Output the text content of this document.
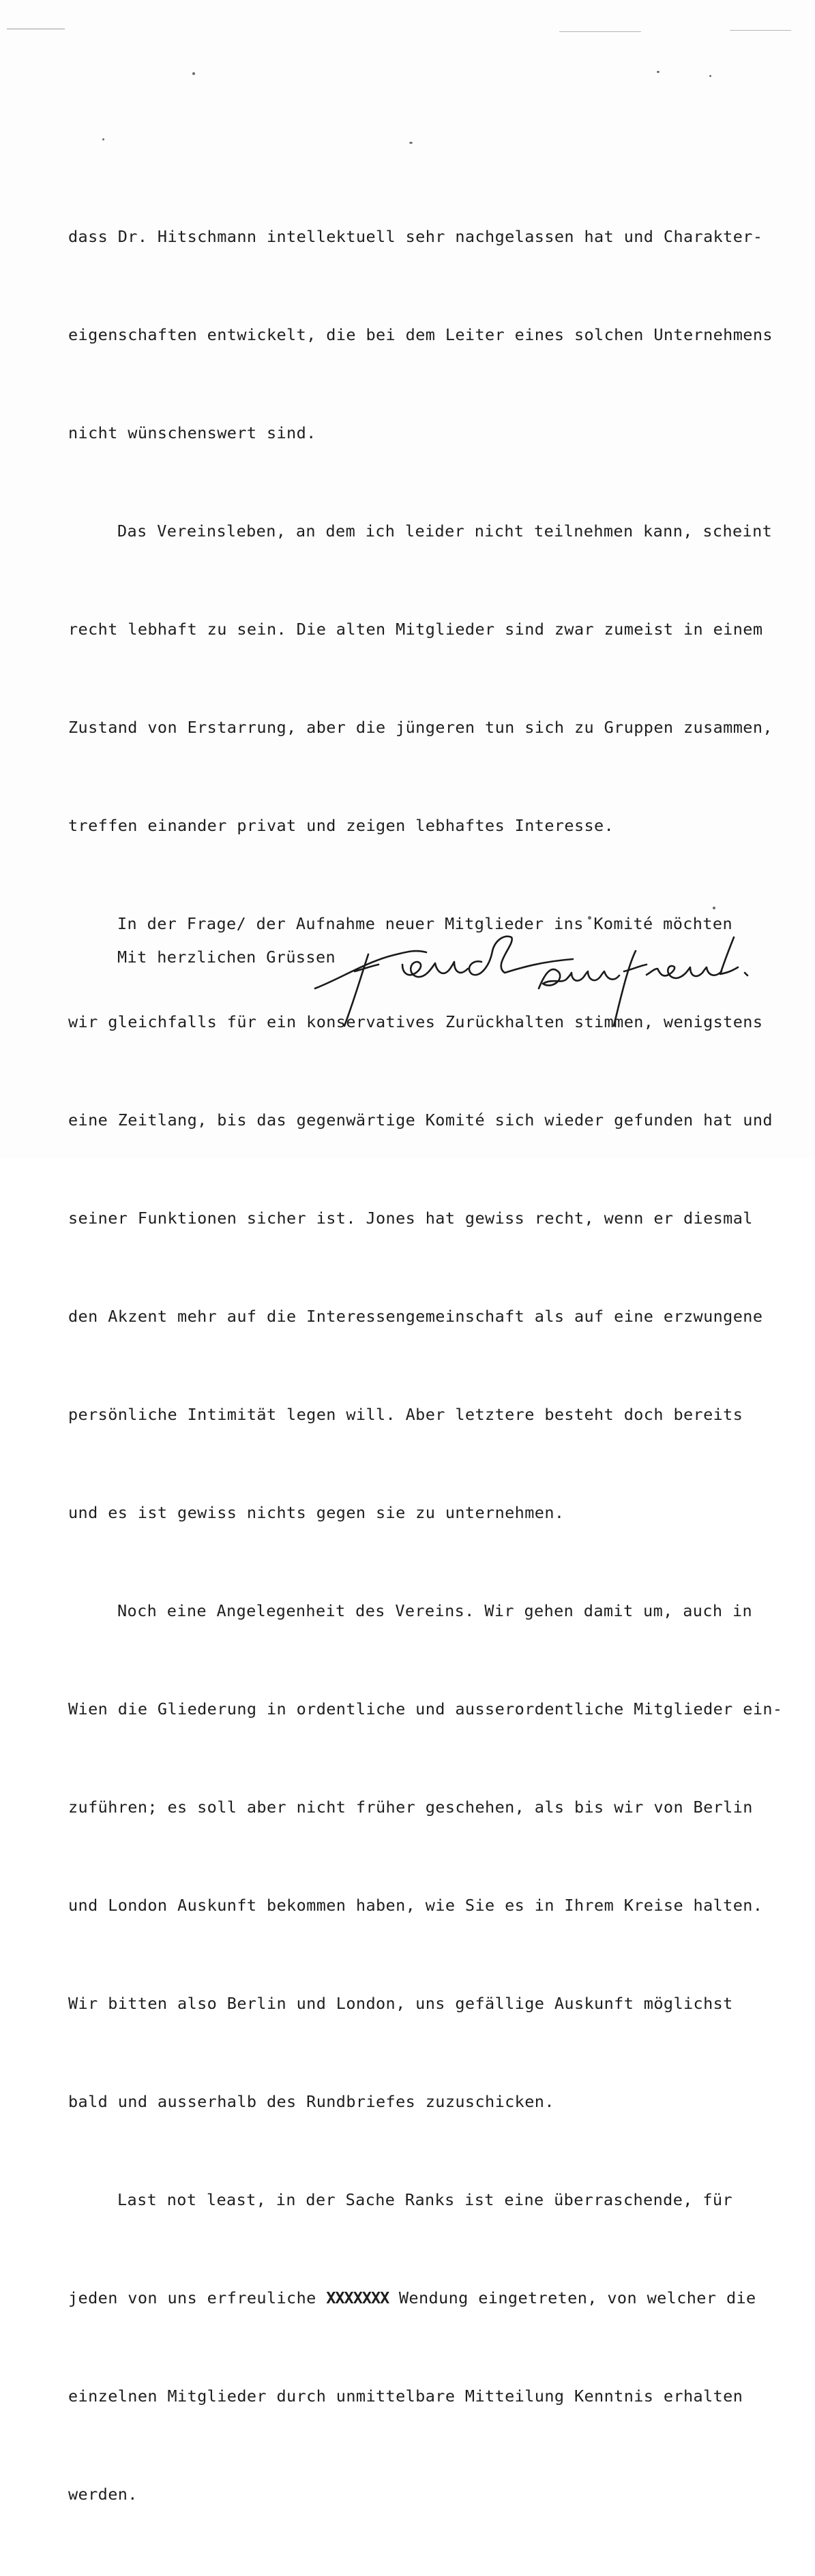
dass Dr. Hitschmann intellektuell sehr nachgelassen hat und Charakter-

eigenschaften entwickelt, die bei dem Leiter eines solchen Unternehmens

nicht wünschenswert sind.

Das Vereinsleben, an dem ich leider nicht teilnehmen kann, scheint

recht lebhaft zu sein. Die alten Mitglieder sind zwar zumeist in einem

Zustand von Erstarrung, aber die jüngeren tun sich zu Gruppen zusammen,

treffen einander privat und zeigen lebhaftes Interesse.

In der Frage/ der Aufnahme neuer Mitglieder ins Komité möchten

wir gleichfalls für ein konservatives Zurückhalten stimmen, wenigstens

eine Zeitlang, bis das gegenwärtige Komité sich wieder gefunden hat und

seiner Funktionen sicher ist. Jones hat gewiss recht, wenn er diesmal

den Akzent mehr auf die Interessengemeinschaft als auf eine erzwungene

persönliche Intimität legen will. Aber letztere besteht doch bereits

und es ist gewiss nichts gegen sie zu unternehmen.

Noch eine Angelegenheit des Vereins. Wir gehen damit um, auch in

Wien die Gliederung in ordentliche und ausserordentliche Mitglieder ein-

zuführen; es soll aber nicht früher geschehen, als bis wir von Berlin

und London Auskunft bekommen haben, wie Sie es in Ihrem Kreise halten.

Wir bitten also Berlin und London, uns gefällige Auskunft möglichst

bald und ausserhalb des Rundbriefes zuzuschicken.

Last not least, in der Sache Ranks ist eine überraschende, für

jeden von uns erfreuliche XXXXXXX Wendung eingetreten, von welcher die

einzelnen Mitglieder durch unmittelbare Mitteilung Kenntnis erhalten

werden.

Mit herzlichen Grüssen
